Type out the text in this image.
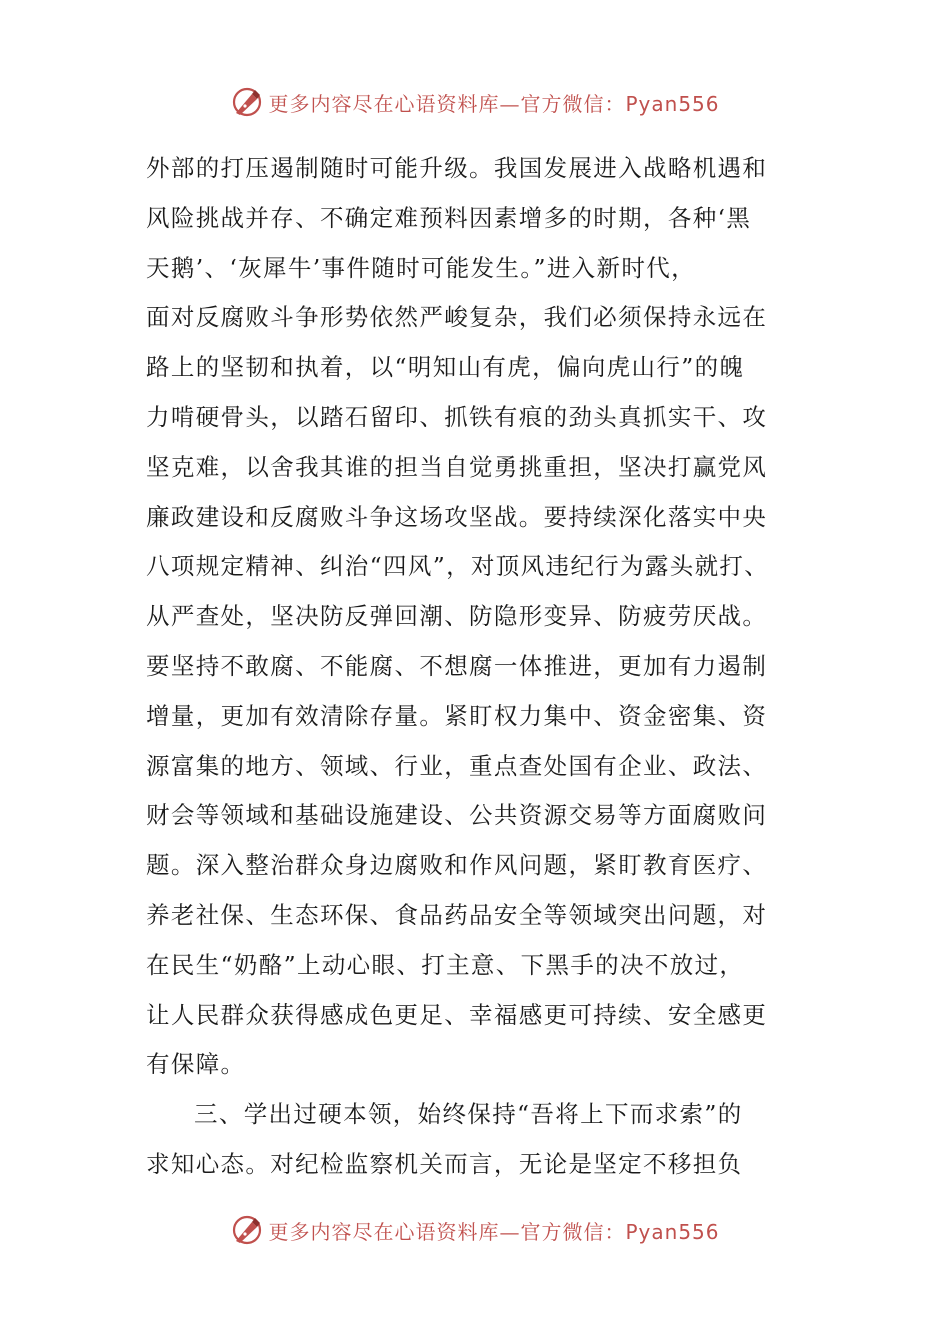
更多内容尽在心语资料库—官方微信：Pyan556
外部的打压遏制随时可能升级。我国发展进入战略机遇和
风险挑战并存、不确定难预料因素增多的时期，各种‘黑
天鹅’、‘灰犀牛’事件随时可能发生。”进入新时代，
面对反腐败斗争形势依然严峻复杂，我们必须保持永远在
路上的坚韧和执着，以“明知山有虎，偏向虎山行”的魄
力啃硬骨头，以踏石留印、抓铁有痕的劲头真抓实干、攻
坚克难，以舍我其谁的担当自觉勇挑重担，坚决打赢党风
廉政建设和反腐败斗争这场攻坚战。要持续深化落实中央
八项规定精神、纠治“四风”，对顶风违纪行为露头就打、
从严查处，坚决防反弹回潮、防隐形变异、防疲劳厌战。
要坚持不敢腐、不能腐、不想腐一体推进，更加有力遏制
增量，更加有效清除存量。紧盯权力集中、资金密集、资
源富集的地方、领域、行业，重点查处国有企业、政法、
财会等领域和基础设施建设、公共资源交易等方面腐败问
题。深入整治群众身边腐败和作风问题，紧盯教育医疗、
养老社保、生态环保、食品药品安全等领域突出问题，对
在民生“奶酪”上动心眼、打主意、下黑手的决不放过，
让人民群众获得感成色更足、幸福感更可持续、安全感更
有保障。
三、学出过硬本领，始终保持“吾将上下而求索”的
求知心态。对纪检监察机关而言，无论是坚定不移担负
更多内容尽在心语资料库—官方微信：Pyan556
